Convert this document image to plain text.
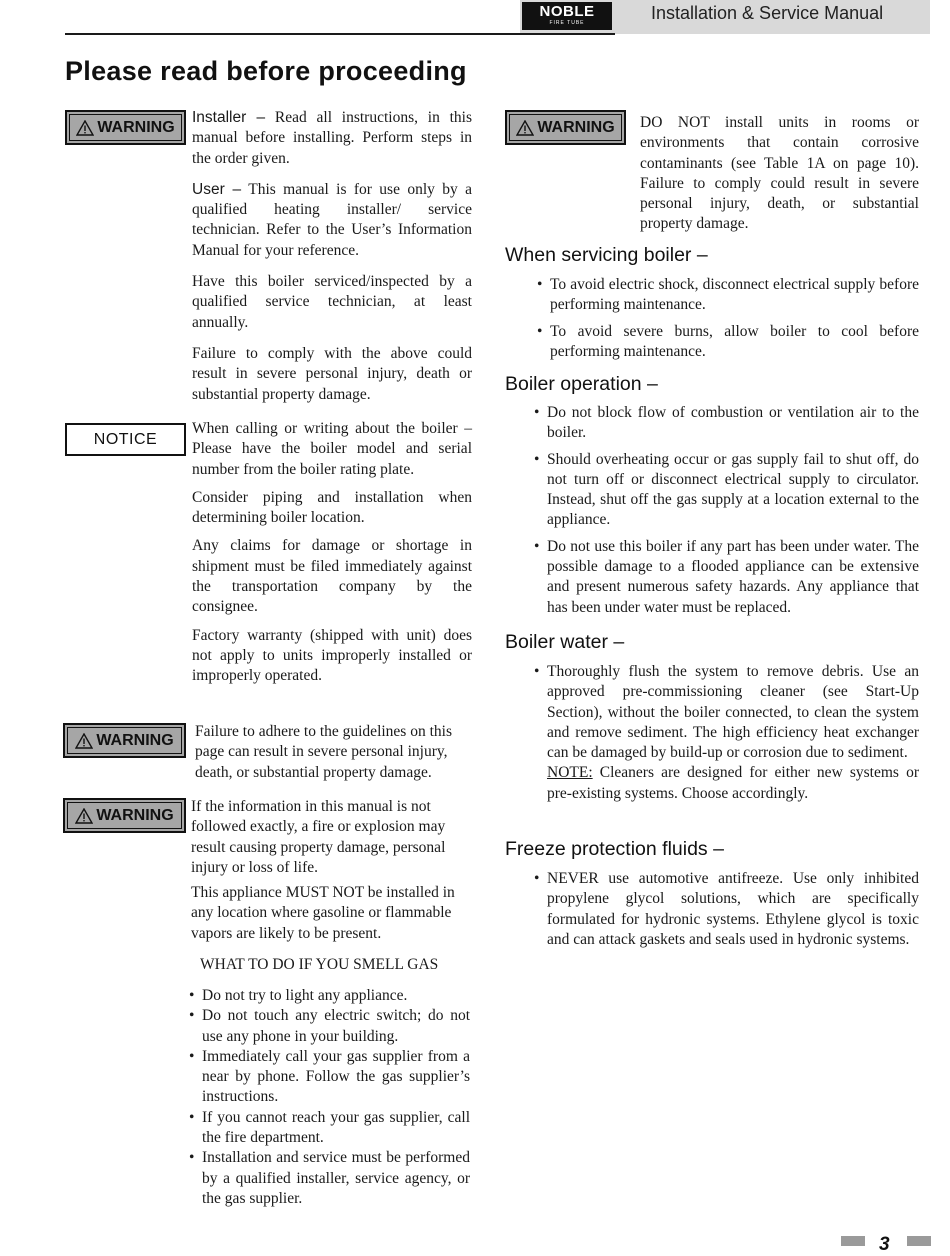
NOBLE
FIRE TUBE	Installation & Service Manual
Please read before proceeding
WARNING
NOTICE
WARNING
WARNING

Installer – Read all instructions, in this manual before installing. Perform steps in the order given.

User – This manual is for use only by a qualified heating installer/ service technician. Refer to the User’s Information Manual for your reference.

Have this boiler serviced/inspected by a qualified service technician, at least annually.

Failure to comply with the above could result in severe personal injury, death or substantial property damage.

When calling or writing about the boiler – Please have the boiler model and serial number from the boiler rating plate.

Consider piping and installation when determining boiler location.

Any claims for damage or shortage in shipment must be filed immediately against the transportation company by the consignee.

Factory warranty (shipped with unit) does not apply to units improperly installed or improperly operated.

Failure to adhere to the guidelines on this page can result in severe personal injury, death, or substantial property damage.

If the information in this manual is not followed exactly, a fire or explosion may result causing property damage, personal injury or loss of life.

This appliance MUST NOT be installed in any location where gasoline or flammable vapors are likely to be present.

WHAT TO DO IF YOU SMELL GAS
• Do not try to light any appliance.
• Do not touch any electric switch; do not use any phone in your building.
• Immediately call your gas supplier from a near by phone. Follow the gas supplier’s instructions.
• If you cannot reach your gas supplier, call the fire department.
• Installation and service must be performed by a qualified installer, service agency, or the gas supplier.
WARNING DO NOT install units in rooms or environments that contain corrosive contaminants (see Table 1A on page 10). Failure to comply could result in severe personal injury, death, or substantial property damage.

When servicing boiler –
• To avoid electric shock, disconnect electrical supply before performing maintenance.
• To avoid severe burns, allow boiler to cool before performing maintenance.
Boiler operation –
• Do not block flow of combustion or ventilation air to the boiler.
• Should overheating occur or gas supply fail to shut off, do not turn off or disconnect electrical supply to circulator. Instead, shut off the gas supply at a location external to the appliance.
• Do not use this boiler if any part has been under water. The possible damage to a flooded appliance can be extensive and present numerous safety hazards. Any appliance that has been under water must be replaced.
Boiler water –
• Thoroughly flush the system to remove debris. Use an approved pre-commissioning cleaner (see Start-Up Section), without the boiler connected, to clean the system and remove sediment. The high efficiency heat exchanger can be damaged by build-up or corrosion due to sediment.
NOTE: Cleaners are designed for either new systems or pre-existing systems. Choose accordingly.
Freeze protection fluids –
• NEVER use automotive antifreeze. Use only inhibited propylene glycol solutions, which are specifically formulated for hydronic systems. Ethylene glycol is toxic and can attack gaskets and seals used in hydronic systems.
3
